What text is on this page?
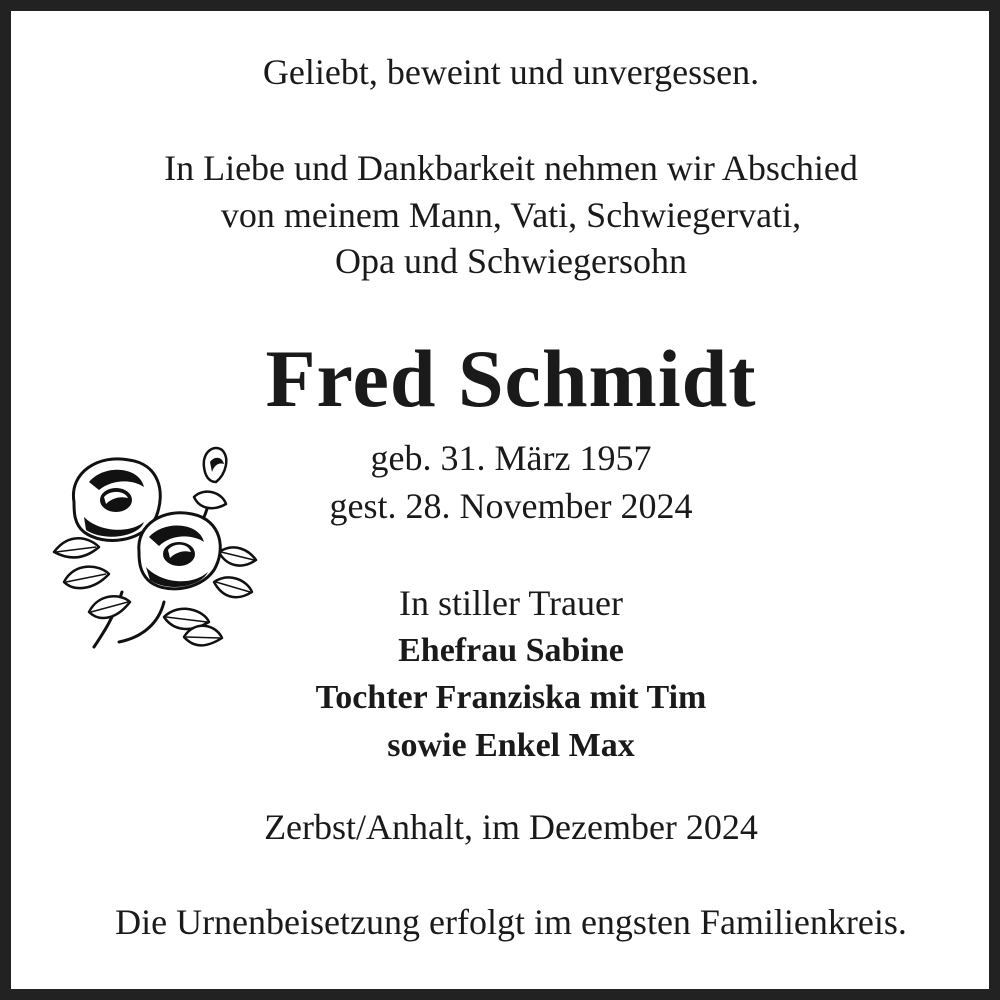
Geliebt, beweint und unvergessen.
In Liebe und Dankbarkeit nehmen wir Abschied
von meinem Mann, Vati, Schwiegervati,
Opa und Schwiegersohn
Fred Schmidt
geb. 31. März 1957
gest. 28. November 2024
In stiller Trauer
Ehefrau Sabine
Tochter Franziska mit Tim
sowie Enkel Max
Zerbst/Anhalt, im Dezember 2024
Die Urnenbeisetzung erfolgt im engsten Familienkreis.
